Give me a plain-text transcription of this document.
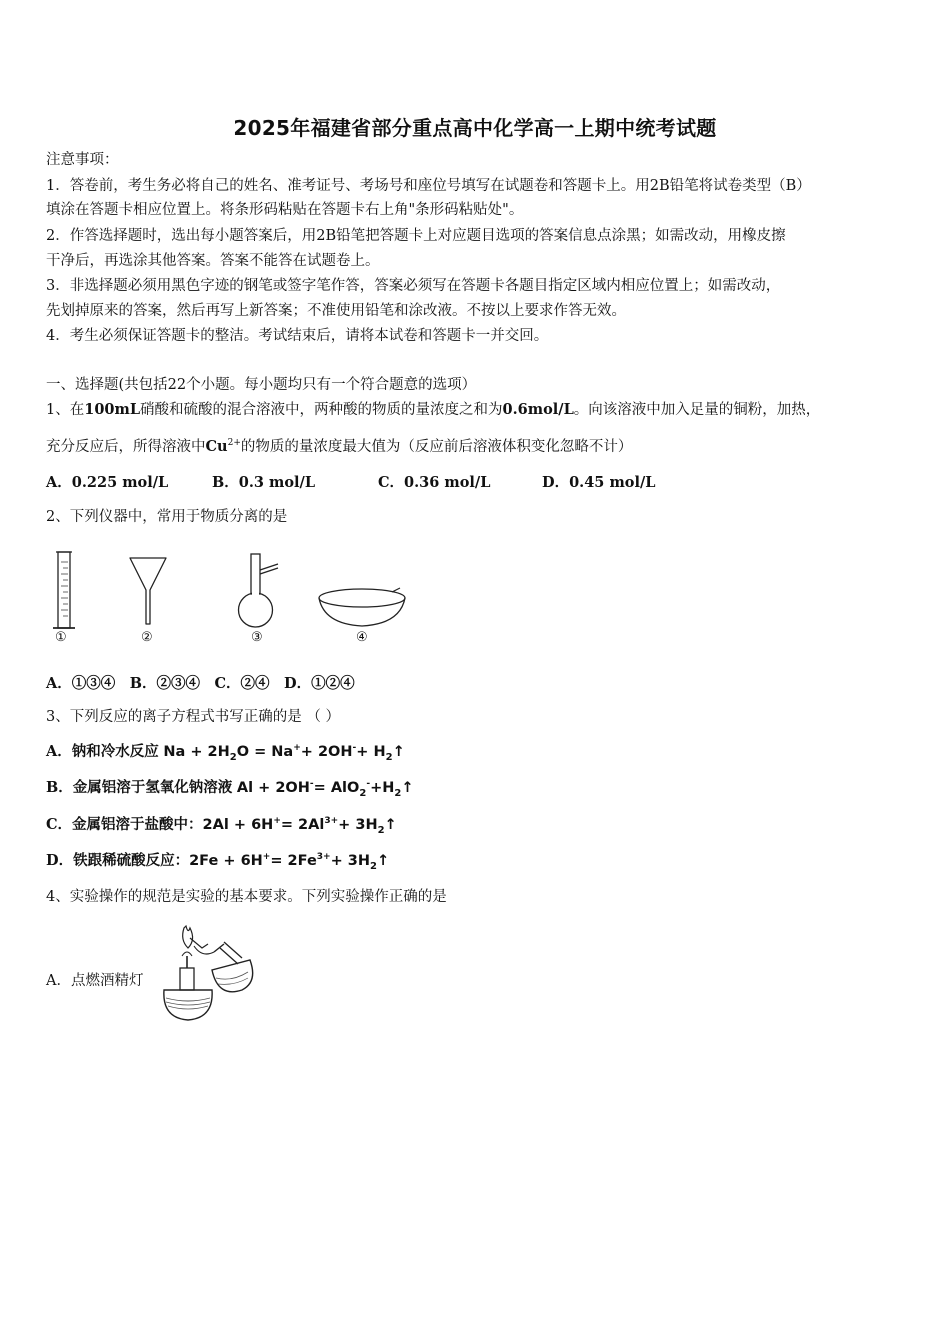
2025年福建省部分重点高中化学高一上期中统考试题
注意事项：
1．答卷前，考生务必将自己的姓名、准考证号、考场号和座位号填写在试题卷和答题卡上。用2B铅笔将试卷类型（B）
填涂在答题卡相应位置上。将条形码粘贴在答题卡右上角"条形码粘贴处"。
2．作答选择题时，选出每小题答案后，用2B铅笔把答题卡上对应题目选项的答案信息点涂黑；如需改动，用橡皮擦
干净后，再选涂其他答案。答案不能答在试题卷上。
3．非选择题必须用黑色字迹的钢笔或签字笔作答，答案必须写在答题卡各题目指定区域内相应位置上；如需改动，
先划掉原来的答案，然后再写上新答案；不准使用铅笔和涂改液。不按以上要求作答无效。
4．考生必须保证答题卡的整洁。考试结束后，请将本试卷和答题卡一并交回。
一、选择题(共包括22个小题。每小题均只有一个符合题意的选项）
1、在100mL硝酸和硫酸的混合溶液中，两种酸的物质的量浓度之和为0.6mol/L。向该溶液中加入足量的铜粉，加热，
充分反应后，所得溶液中$Cu^{2+}$的物质的量浓度最大值为（反应前后溶液体积变化忽略不计）
A．0.225 mol/L	B．0.3 mol/L	C．0.36 mol/L	D．0.45 mol/L
2、下列仪器中，常用于物质分离的是
①	②	③	④
A．①③④　B．②③④　C．②④　D．①②④
3、下列反应的离子方程式书写正确的是 （ ）
A．钠和冷水反应 $Na + 2H_2O = Na^++ 2OH^-+$ $H_2↑$
B．金属铝溶于氢氧化钠溶液 $Al + 2OH^-= AlO_2^-+H_2↑$
C．金属铝溶于盐酸中：$2Al + 6H^+= 2Al^{3+}+$ $3H_2↑$
D．铁跟稀硫酸反应：$2Fe + 6H^+= 2Fe^{3+}+$ $3H_2↑$
4、实验操作的规范是实验的基本要求。下列实验操作正确的是
A．点燃酒精灯
